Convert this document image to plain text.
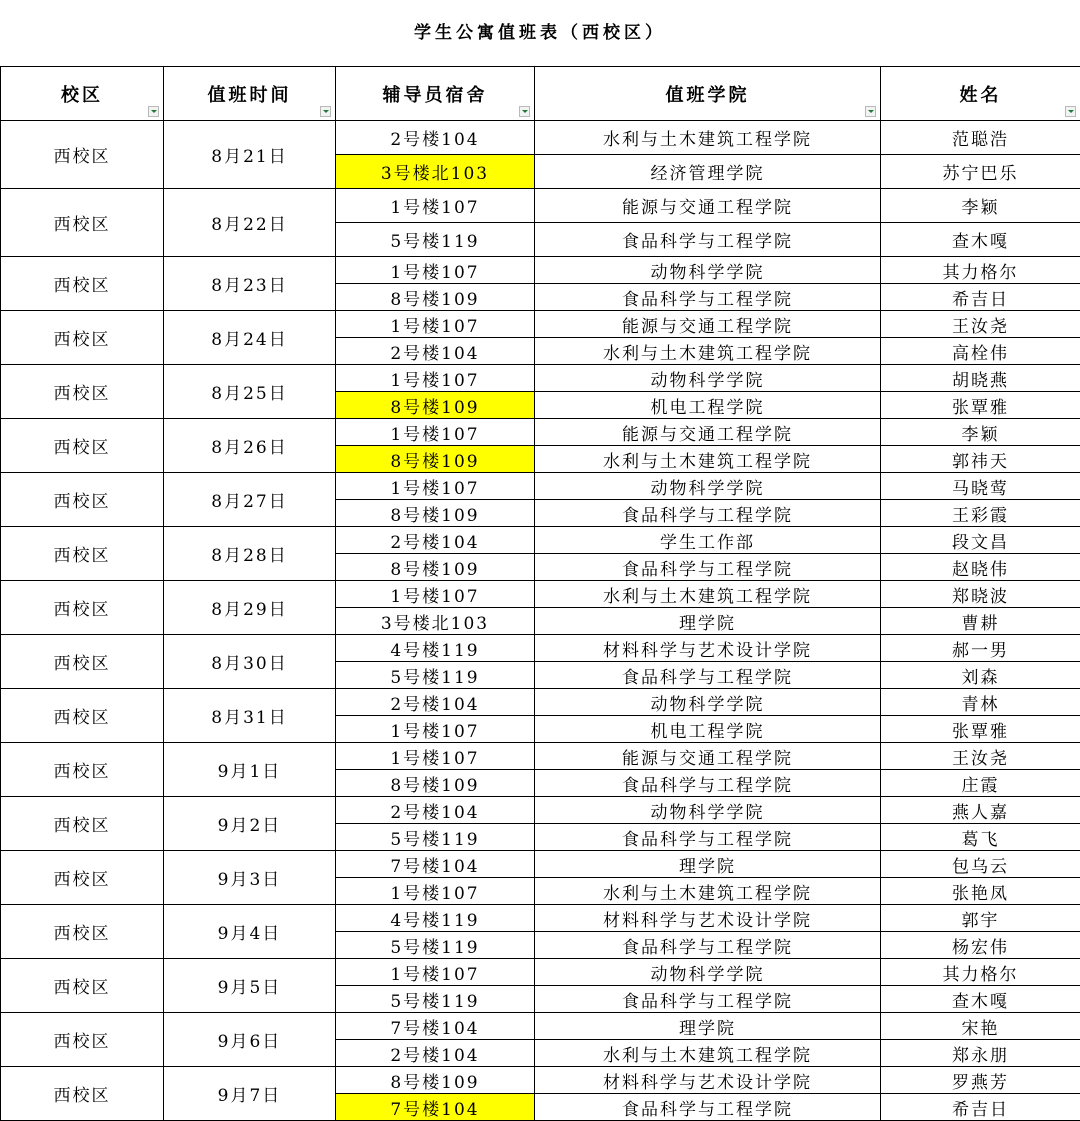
学生公寓值班表（西校区）
校区	值班时间	辅导员宿舍	值班学院	姓名

西校区	8月21日	2号楼104	水利与土木建筑工程学院	范聪浩
		3号楼北103	经济管理学院	苏宁巴乐
西校区	8月22日	1号楼107	能源与交通工程学院	李颖
		5号楼119	食品科学与工程学院	查木嘎
西校区	8月23日	1号楼107	动物科学学院	其力格尔
		8号楼109	食品科学与工程学院	希吉日
西校区	8月24日	1号楼107	能源与交通工程学院	王汝尧
		2号楼104	水利与土木建筑工程学院	高栓伟
西校区	8月25日	1号楼107	动物科学学院	胡晓燕
		8号楼109	机电工程学院	张覃雅
西校区	8月26日	1号楼107	能源与交通工程学院	李颖
		8号楼109	水利与土木建筑工程学院	郭祎天
西校区	8月27日	1号楼107	动物科学学院	马晓莺
		8号楼109	食品科学与工程学院	王彩霞
西校区	8月28日	2号楼104	学生工作部	段文昌
		8号楼109	食品科学与工程学院	赵晓伟
西校区	8月29日	1号楼107	水利与土木建筑工程学院	郑晓波
		3号楼北103	理学院	曹耕
西校区	8月30日	4号楼119	材料科学与艺术设计学院	郝一男
		5号楼119	食品科学与工程学院	刘森
西校区	8月31日	2号楼104	动物科学学院	青林
		1号楼107	机电工程学院	张覃雅
西校区	9月1日	1号楼107	能源与交通工程学院	王汝尧
		8号楼109	食品科学与工程学院	庄霞
西校区	9月2日	2号楼104	动物科学学院	燕人嘉
		5号楼119	食品科学与工程学院	葛飞
西校区	9月3日	7号楼104	理学院	包乌云
		1号楼107	水利与土木建筑工程学院	张艳凤
西校区	9月4日	4号楼119	材料科学与艺术设计学院	郭宇
		5号楼119	食品科学与工程学院	杨宏伟
西校区	9月5日	1号楼107	动物科学学院	其力格尔
		5号楼119	食品科学与工程学院	查木嘎
西校区	9月6日	7号楼104	理学院	宋艳
		2号楼104	水利与土木建筑工程学院	郑永朋
西校区	9月7日	8号楼109	材料科学与艺术设计学院	罗燕芳
		7号楼104	食品科学与工程学院	希吉日
